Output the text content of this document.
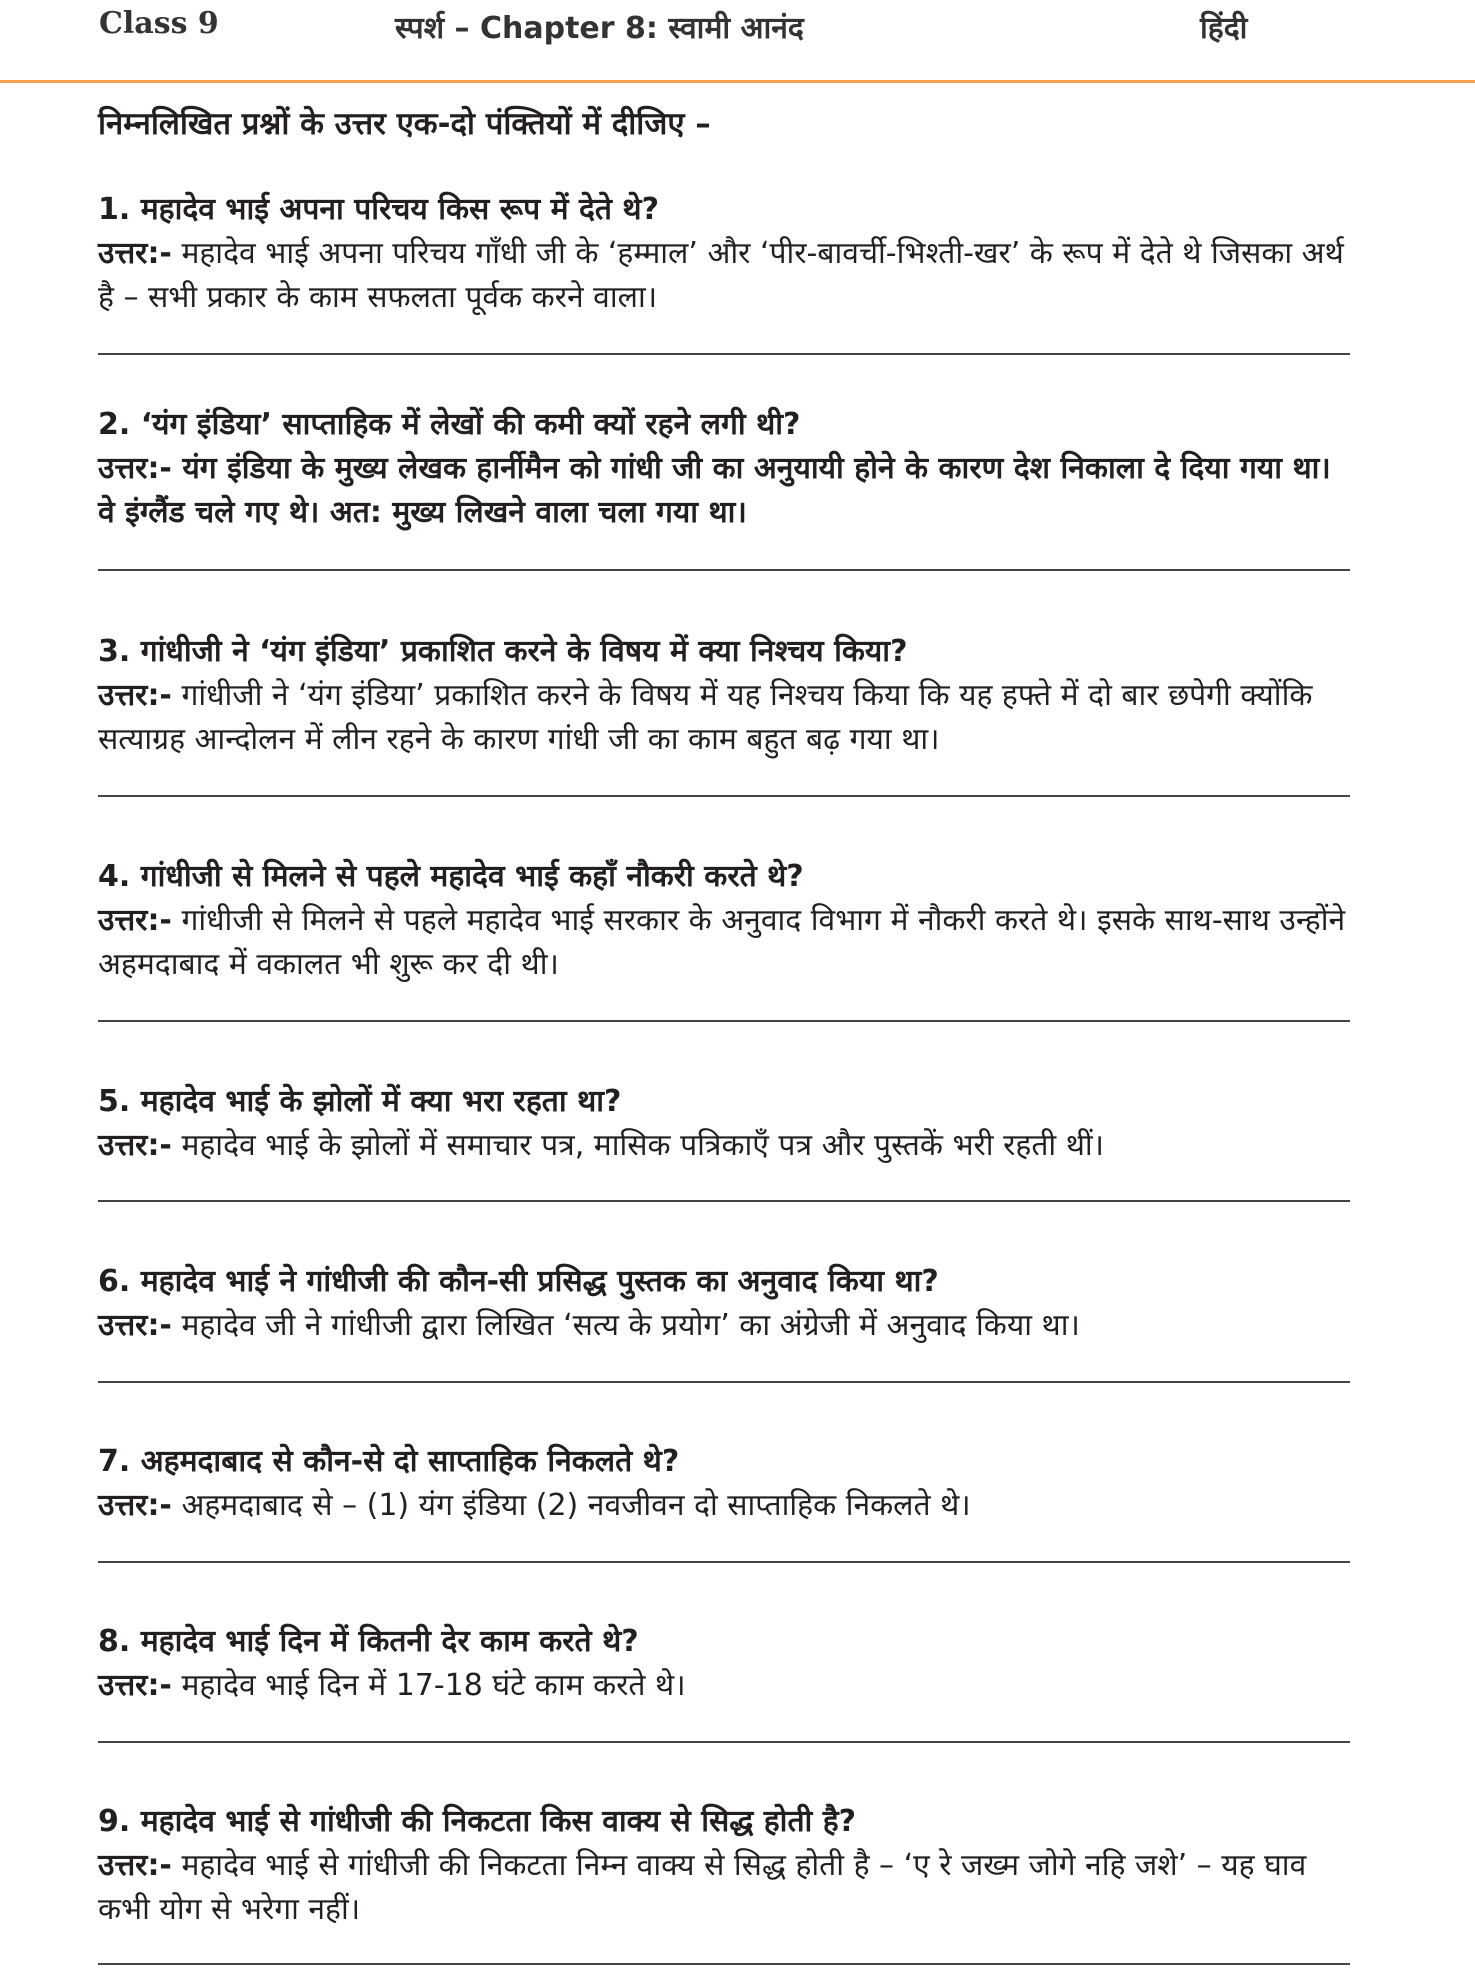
Class 9	स्पर्श – Chapter 8: स्वामी आनंद	हिंदी
निम्नलिखित प्रश्नों के उत्तर एक-दो पंक्तियों में दीजिए –
1. महादेव भाई अपना परिचय किस रूप में देते थे?
उत्तर:- महादेव भाई अपना परिचय गाँधी जी के ‘हम्माल’ और ‘पीर-बावर्ची-भिश्ती-खर’ के रूप में देते थे जिसका अर्थ है – सभी प्रकार के काम सफलता पूर्वक करने वाला।
2. ‘यंग इंडिया’ साप्ताहिक में लेखों की कमी क्यों रहने लगी थी?
उत्तर:- यंग इंडिया के मुख्य लेखक हार्नीमैन को गांधी जी का अनुयायी होने के कारण देश निकाला दे दिया गया था। वे इंग्लैंड चले गए थे। अत: मुख्य लिखने वाला चला गया था।
3. गांधीजी ने ‘यंग इंडिया’ प्रकाशित करने के विषय में क्या निश्चय किया?
उत्तर:- गांधीजी ने ‘यंग इंडिया’ प्रकाशित करने के विषय में यह निश्चय किया कि यह हफ्ते में दो बार छपेगी क्योंकि सत्याग्रह आन्दोलन में लीन रहने के कारण गांधी जी का काम बहुत बढ़ गया था।
4. गांधीजी से मिलने से पहले महादेव भाई कहाँ नौकरी करते थे?
उत्तर:- गांधीजी से मिलने से पहले महादेव भाई सरकार के अनुवाद विभाग में नौकरी करते थे। इसके साथ-साथ उन्होंने अहमदाबाद में वकालत भी शुरू कर दी थी।
5. महादेव भाई के झोलों में क्या भरा रहता था?
उत्तर:- महादेव भाई के झोलों में समाचार पत्र, मासिक पत्रिकाएँ पत्र और पुस्तकें भरी रहती थीं।
6. महादेव भाई ने गांधीजी की कौन-सी प्रसिद्ध पुस्तक का अनुवाद किया था?
उत्तर:- महादेव जी ने गांधीजी द्वारा लिखित ‘सत्य के प्रयोग’ का अंग्रेजी में अनुवाद किया था।
7. अहमदाबाद से कौन-से दो साप्ताहिक निकलते थे?
उत्तर:- अहमदाबाद से – (1) यंग इंडिया (2) नवजीवन दो साप्ताहिक निकलते थे।
8. महादेव भाई दिन में कितनी देर काम करते थे?
उत्तर:- महादेव भाई दिन में 17-18 घंटे काम करते थे।
9. महादेव भाई से गांधीजी की निकटता किस वाक्य से सिद्ध होती है?
उत्तर:- महादेव भाई से गांधीजी की निकटता निम्न वाक्य से सिद्ध होती है – ‘ए रे जख्म जोगे नहि जशे’ – यह घाव कभी योग से भरेगा नहीं।
